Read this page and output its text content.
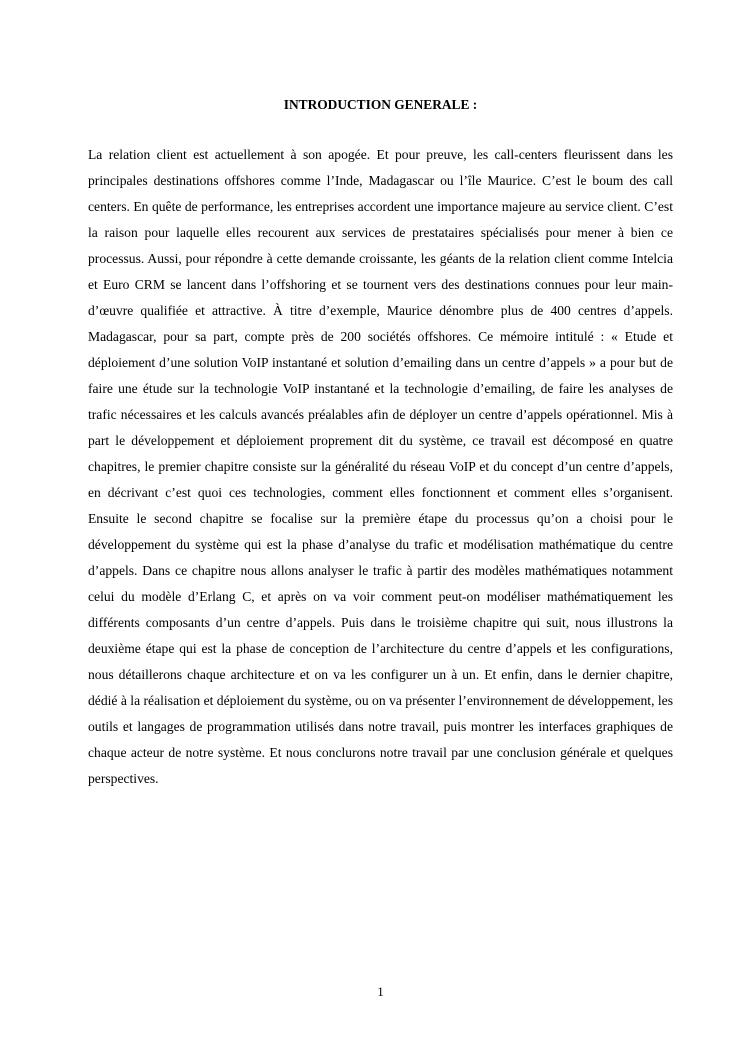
INTRODUCTION GENERALE :

La relation client est actuellement à son apogée. Et pour preuve, les call-centers fleurissent dans les principales destinations offshores comme l’Inde, Madagascar ou l’île Maurice. C’est le boum des call centers. En quête de performance, les entreprises accordent une importance majeure au service client. C’est la raison pour laquelle elles recourent aux services de prestataires spécialisés pour mener à bien ce processus. Aussi, pour répondre à cette demande croissante, les géants de la relation client comme Intelcia et Euro CRM se lancent dans l’offshoring et se tournent vers des destinations connues pour leur main-d’œuvre qualifiée et attractive. À titre d’exemple, Maurice dénombre plus de 400 centres d’appels. Madagascar, pour sa part, compte près de 200 sociétés offshores. Ce mémoire intitulé : « Etude et déploiement d’une solution VoIP instantané et solution d’emailing dans un centre d’appels » a pour but de faire une étude sur la technologie VoIP instantané et la technologie d’emailing, de faire les analyses de trafic nécessaires et les calculs avancés préalables afin de déployer un centre d’appels opérationnel. Mis à part le développement et déploiement proprement dit du système, ce travail est décomposé en quatre chapitres, le premier chapitre consiste sur la généralité du réseau VoIP et du concept d’un centre d’appels, en décrivant c’est quoi ces technologies, comment elles fonctionnent et comment elles s’organisent. Ensuite le second chapitre se focalise sur la première étape du processus qu’on a choisi pour le développement du système qui est la phase d’analyse du trafic et modélisation mathématique du centre d’appels. Dans ce chapitre nous allons analyser le trafic à partir des modèles mathématiques notamment celui du modèle d’Erlang C, et après on va voir comment peut-on modéliser mathématiquement les différents composants d’un centre d’appels. Puis dans le troisième chapitre qui suit, nous illustrons la deuxième étape qui est la phase de conception de l’architecture du centre d’appels et les configurations, nous détaillerons chaque architecture et on va les configurer un à un. Et enfin, dans le dernier chapitre, dédié à la réalisation et déploiement du système, ou on va présenter l’environnement de développement, les outils et langages de programmation utilisés dans notre travail, puis montrer les interfaces graphiques de chaque acteur de notre système. Et nous conclurons notre travail par une conclusion générale et quelques perspectives.

1
